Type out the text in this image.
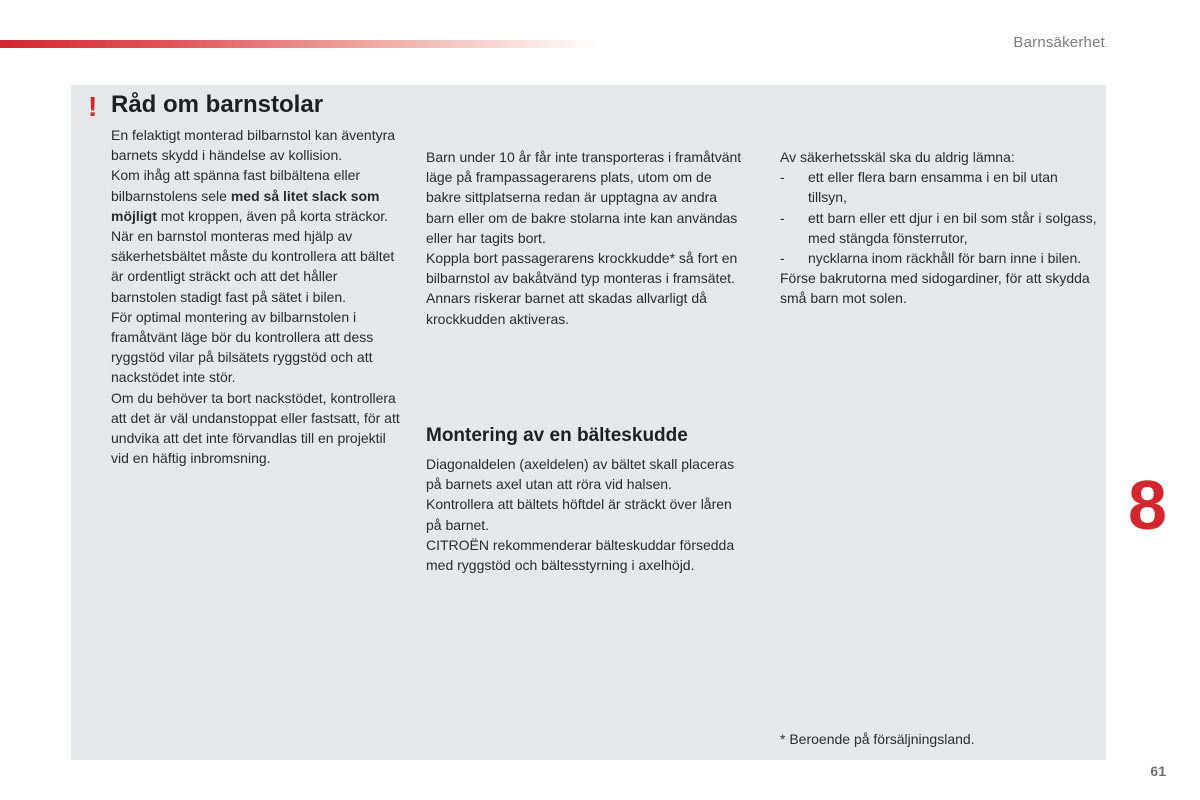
Barnsäkerhet
! Råd om barnstolar

En felaktigt monterad bilbarnstol kan äventyra barnets skydd i händelse av kollision.

Kom ihåg att spänna fast bilbältena eller bilbarnstolens sele med så litet slack som möjligt mot kroppen, även på korta sträckor.

När en barnstol monteras med hjälp av säkerhetsbältet måste du kontrollera att bältet är ordentligt sträckt och att det håller barnstolen stadigt fast på sätet i bilen.

För optimal montering av bilbarnstolen i framåtvänt läge bör du kontrollera att dess ryggstöd vilar på bilsätets ryggstöd och att nackstödet inte stör.

Om du behöver ta bort nackstödet, kontrollera att det är väl undanstoppat eller fastsatt, för att undvika att det inte förvandlas till en projektil vid en häftig inbromsning.

Barn under 10 år får inte transporteras i framåtvänt läge på frampassagerarens plats, utom om de bakre sittplatserna redan är upptagna av andra barn eller om de bakre stolarna inte kan användas eller har tagits bort.

Koppla bort passagerarens krockkudde* så fort en bilbarnstol av bakåtvänd typ monteras i framsätet.

Annars riskerar barnet att skadas allvarligt då krockkudden aktiveras.

Montering av en bälteskudde

Diagonaldelen (axeldelen) av bältet skall placeras på barnets axel utan att röra vid halsen.

Kontrollera att bältets höftdel är sträckt över låren på barnet.

CITROËN rekommenderar bälteskuddar försedda med ryggstöd och bältesstyrning i axelhöjd.

Av säkerhetsskäl ska du aldrig lämna:

- ett eller flera barn ensamma i en bil utan tillsyn,
- ett barn eller ett djur i en bil som står i solgass, med stängda fönsterrutor,
- nycklarna inom räckhåll för barn inne i bilen.

Förse bakrutorna med sidogardiner, för att skydda små barn mot solen.

* Beroende på försäljningsland.
8
61
